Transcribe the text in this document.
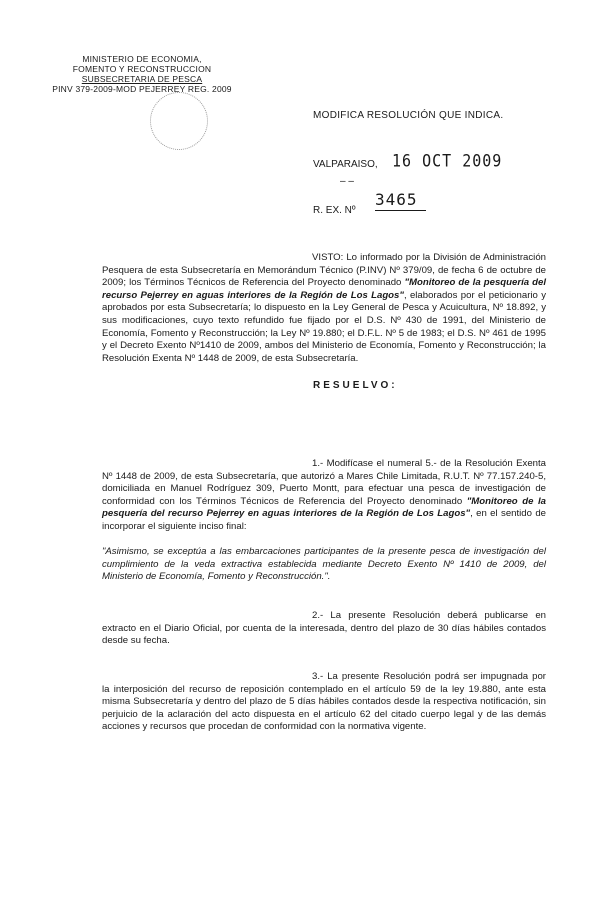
MINISTERIO DE ECONOMIA,
FOMENTO Y RECONSTRUCCION
SUBSECRETARIA DE PESCA
PINV 379-2009-MOD PEJERREY REG. 2009
MODIFICA RESOLUCIÓN QUE INDICA.
VALPARAISO, 16 OCT 2009
– –
R. EX. Nº
3465
VISTO: Lo informado por la División de Administración Pesquera de esta Subsecretaría en Memorándum Técnico (P.INV) Nº 379/09, de fecha 6 de octubre de 2009; los Términos Técnicos de Referencia del Proyecto denominado "Monitoreo de la pesquería del recurso Pejerrey en aguas interiores de la Región de Los Lagos", elaborados por el peticionario y aprobados por esta Subsecretaría; lo dispuesto en la Ley General de Pesca y Acuicultura, Nº 18.892, y sus modificaciones, cuyo texto refundido fue fijado por el D.S. Nº 430 de 1991, del Ministerio de Economía, Fomento y Reconstrucción; la Ley Nº 19.880; el D.F.L. Nº 5 de 1983; el D.S. Nº 461 de 1995 y el Decreto Exento Nº1410 de 2009, ambos del Ministerio de Economía, Fomento y Reconstrucción; la Resolución Exenta Nº 1448 de 2009, de esta Subsecretaría.
RESUELVO:
1.- Modifícase el numeral 5.- de la Resolución Exenta Nº 1448 de 2009, de esta Subsecretaría, que autorizó a Mares Chile Limitada, R.U.T. Nº 77.157.240-5, domiciliada en Manuel Rodríguez 309, Puerto Montt, para efectuar una pesca de investigación de conformidad con los Términos Técnicos de Referencia del Proyecto denominado "Monitoreo de la pesquería del recurso Pejerrey en aguas interiores de la Región de Los Lagos", en el sentido de incorporar el siguiente inciso final:
"Asimismo, se exceptúa a las embarcaciones participantes de la presente pesca de investigación del cumplimiento de la veda extractiva establecida mediante Decreto Exento Nº 1410 de 2009, del Ministerio de Economía, Fomento y Reconstrucción.".
2.- La presente Resolución deberá publicarse en extracto en el Diario Oficial, por cuenta de la interesada, dentro del plazo de 30 días hábiles contados desde su fecha.
3.- La presente Resolución podrá ser impugnada por la interposición del recurso de reposición contemplado en el artículo 59 de la ley 19.880, ante esta misma Subsecretaría y dentro del plazo de 5 días hábiles contados desde la respectiva notificación, sin perjuicio de la aclaración del acto dispuesta en el artículo 62 del citado cuerpo legal y de las demás acciones y recursos que procedan de conformidad con la normativa vigente.
